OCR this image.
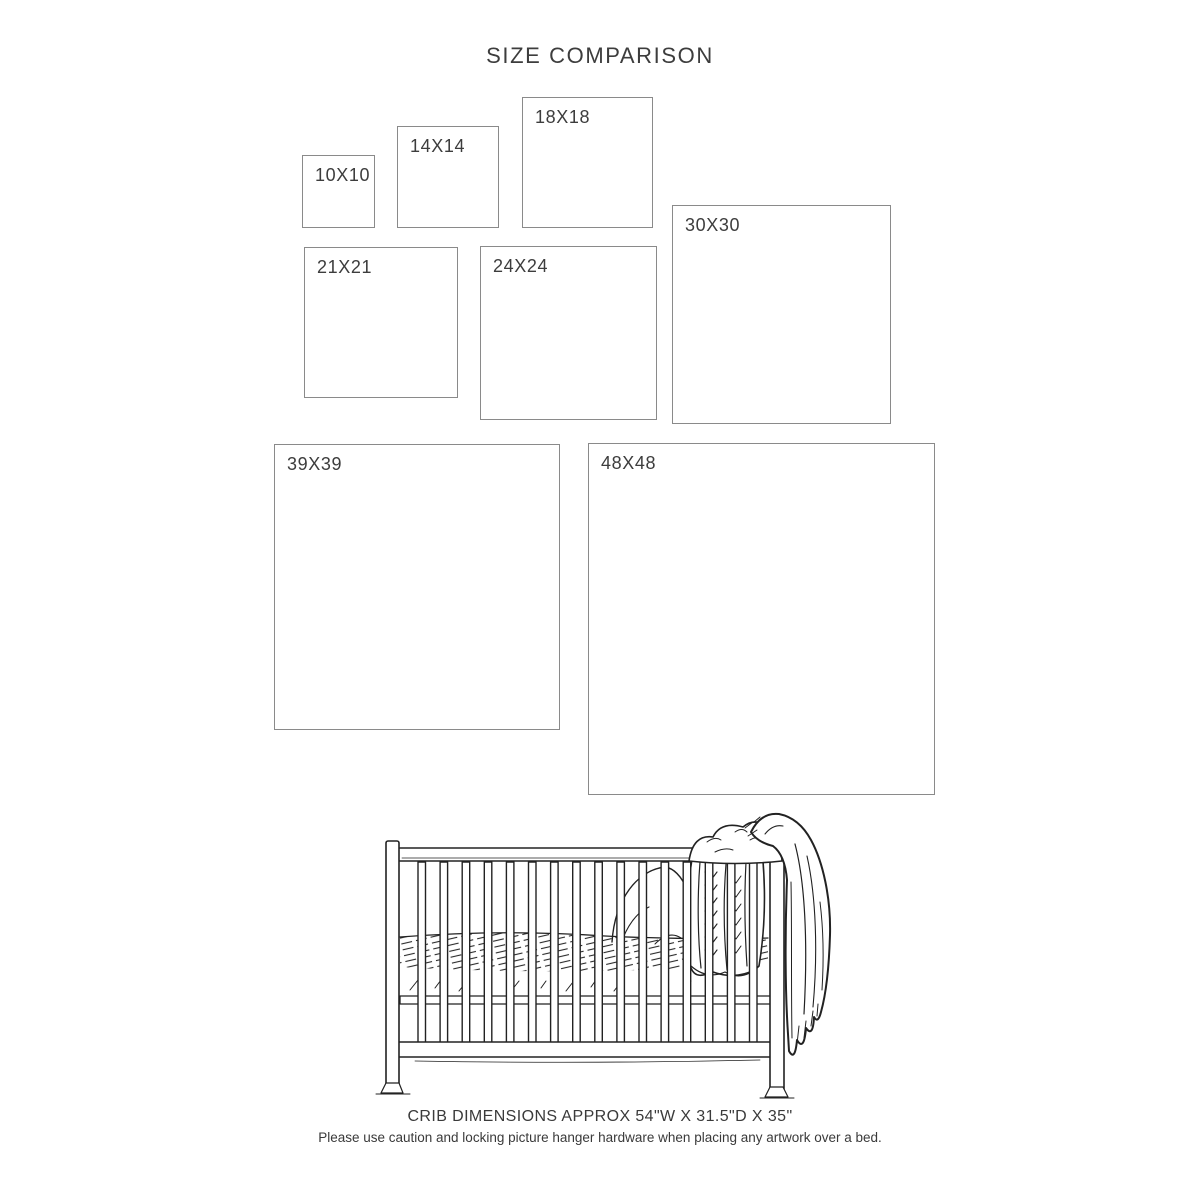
SIZE COMPARISON
10X10
14X14
18X18
30X30
21X21	24X24
39X39	48X48
CRIB DIMENSIONS APPROX 54"W X 31.5"D X 35"
Please use caution and locking picture hanger hardware when placing any artwork over a bed.
